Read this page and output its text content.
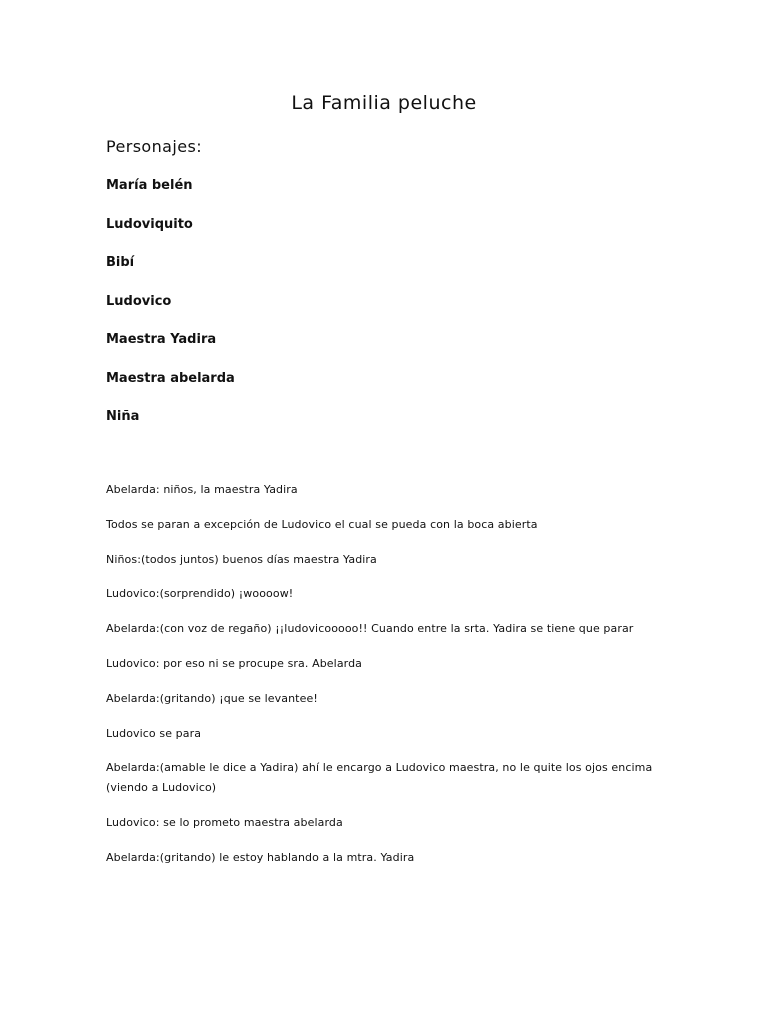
La Familia peluche
Personajes:
María belén
Ludoviquito
Bibí
Ludovico
Maestra Yadira
Maestra abelarda
Niña
Abelarda: niños, la maestra Yadira
Todos se paran a excepción de Ludovico el cual se pueda con la boca abierta
Niños:(todos juntos) buenos días maestra Yadira
Ludovico:(sorprendido) ¡woooow!
Abelarda:(con voz de regaño) ¡¡ludovicooooo!! Cuando entre la srta. Yadira se tiene que parar
Ludovico: por eso ni se procupe sra. Abelarda
Abelarda:(gritando) ¡que se levantee!
Ludovico se para
Abelarda:(amable le dice a Yadira) ahí le encargo a Ludovico maestra, no le quite los ojos encima (viendo a Ludovico)
Ludovico: se lo prometo maestra abelarda
Abelarda:(gritando) le estoy hablando a la mtra. Yadira
